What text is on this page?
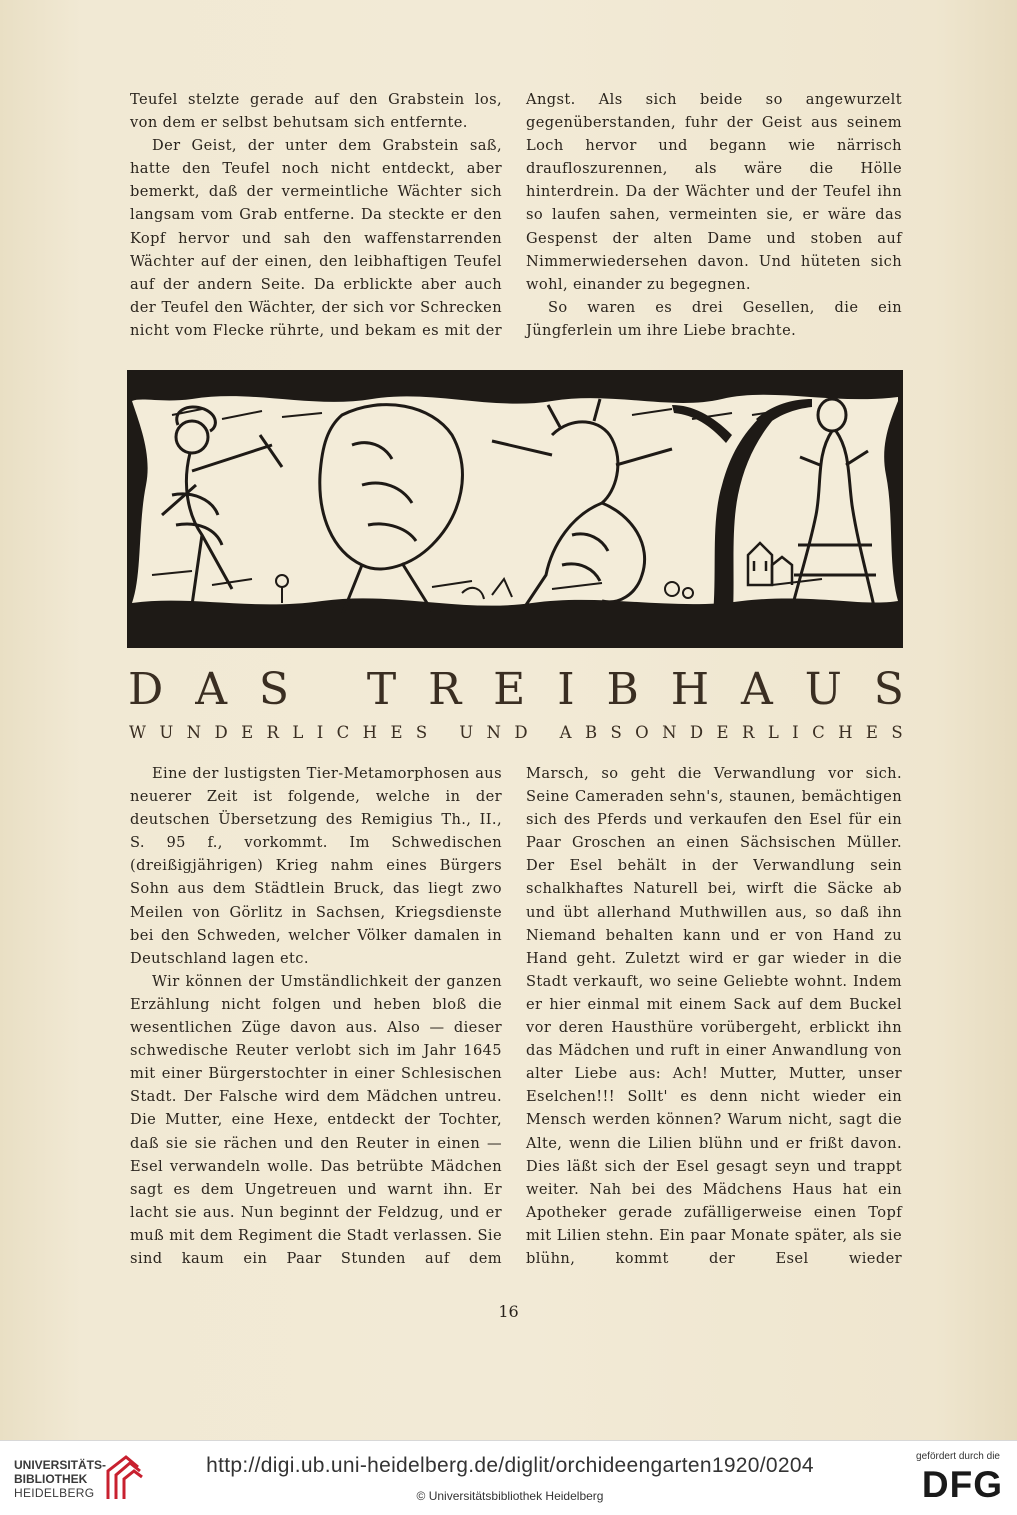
Teufel stelzte gerade auf den Grabstein los, von dem er selbst behutsam sich entfernte.

Der Geist, der unter dem Grabstein saß, hatte den Teufel noch nicht entdeckt, aber bemerkt, daß der vermeintliche Wächter sich langsam vom Grab entferne. Da steckte er den Kopf hervor und sah den waffenstarrenden Wächter auf der einen, den leibhaftigen Teufel auf der andern Seite. Da erblickte aber auch der Teufel den Wächter, der sich vor Schrecken nicht vom Flecke rührte, und bekam es mit der

Angst. Als sich beide so angewurzelt gegenüberstanden, fuhr der Geist aus seinem Loch hervor und begann wie närrisch draufloszurennen, als wäre die Hölle hinterdrein. Da der Wächter und der Teufel ihn so laufen sahen, vermeinten sie, er wäre das Gespenst der alten Dame und stoben auf Nimmerwiedersehen davon. Und hüteten sich wohl, einander zu begegnen.

So waren es drei Gesellen, die ein Jüngferlein um ihre Liebe brachte.

D A S
T R E I B H A U S
W U N D E R L I C H E S
U N D
A B S O N D E R L I C H E S

Eine der lustigsten Tier-Metamorphosen aus neuerer Zeit ist folgende, welche in der deutschen Übersetzung des Remigius Th., II., S. 95 f., vorkommt. Im Schwedischen (dreißigjährigen) Krieg nahm eines Bürgers Sohn aus dem Städtlein Bruck, das liegt zwo Meilen von Görlitz in Sachsen, Kriegsdienste bei den Schweden, welcher Völker damalen in Deutschland lagen etc.

Wir können der Umständlichkeit der ganzen Erzählung nicht folgen und heben bloß die wesentlichen Züge davon aus. Also — dieser schwedische Reuter verlobt sich im Jahr 1645 mit einer Bürgerstochter in einer Schlesischen Stadt. Der Falsche wird dem Mädchen untreu. Die Mutter, eine Hexe, entdeckt der Tochter, daß sie sie rächen und den Reuter in einen — Esel verwandeln wolle. Das betrübte Mädchen sagt es dem Ungetreuen und warnt ihn. Er lacht sie aus. Nun beginnt der Feldzug, und er muß mit dem Regiment die Stadt verlassen. Sie sind kaum ein Paar Stunden auf dem

Marsch, so geht die Verwandlung vor sich. Seine Cameraden sehn's, staunen, bemächtigen sich des Pferds und verkaufen den Esel für ein Paar Groschen an einen Sächsischen Müller. Der Esel behält in der Verwandlung sein schalkhaftes Naturell bei, wirft die Säcke ab und übt allerhand Muthwillen aus, so daß ihn Niemand behalten kann und er von Hand zu Hand geht. Zuletzt wird er gar wieder in die Stadt verkauft, wo seine Geliebte wohnt. Indem er hier einmal mit einem Sack auf dem Buckel vor deren Hausthüre vorübergeht, erblickt ihn das Mädchen und ruft in einer Anwandlung von alter Liebe aus: Ach! Mutter, Mutter, unser Eselchen!!! Sollt' es denn nicht wieder ein Mensch werden können? Warum nicht, sagt die Alte, wenn die Lilien blühn und er frißt davon. Dies läßt sich der Esel gesagt seyn und trappt weiter. Nah bei des Mädchens Haus hat ein Apotheker gerade zufälligerweise einen Topf mit Lilien stehn. Ein paar Monate später, als sie blühn, kommt der Esel wieder

16
UNIVERSITÄTS-
BIBLIOTHEK
HEIDELBERG
http://digi.ub.uni-heidelberg.de/diglit/orchideengarten1920/0204
© Universitätsbibliothek Heidelberg
gefördert durch die
DFG
